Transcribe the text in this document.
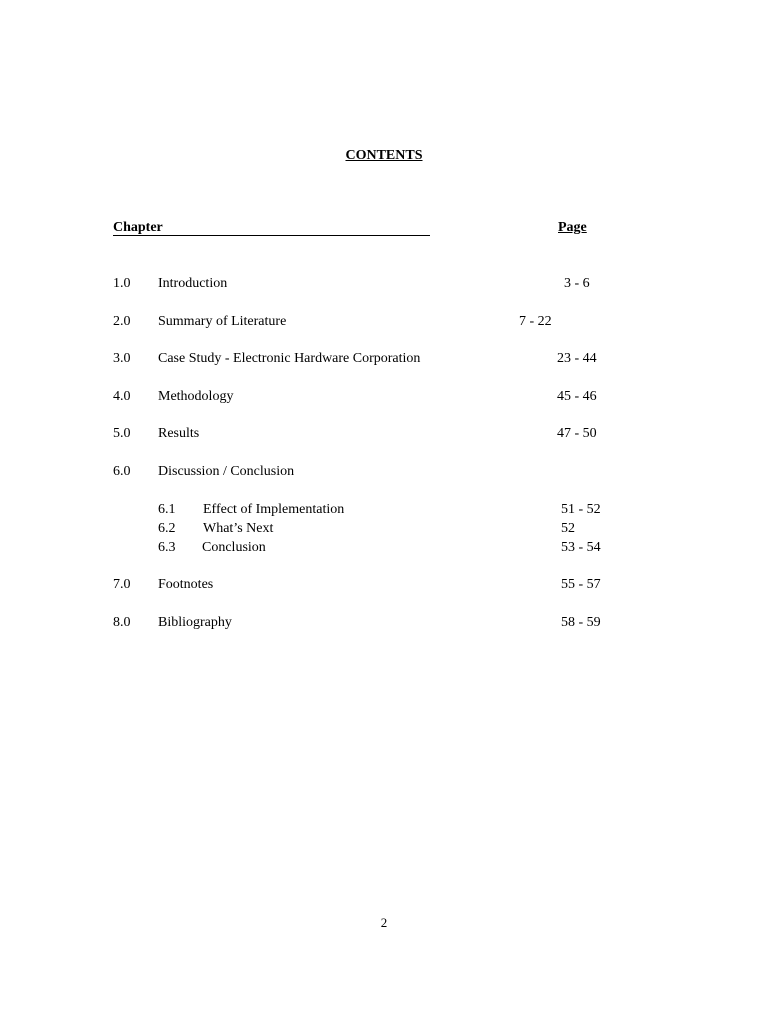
CONTENTS
Chapter	Page
1.0 Introduction	3 - 6
2.0 Summary of Literature	7 - 22
3.0 Case Study - Electronic Hardware Corporation	23 - 44
4.0 Methodology	45 - 46
5.0 Results	47 - 50
6.0 Discussion / Conclusion
6.1 Effect of Implementation	51 - 52
6.2 What’s Next	52
6.3 Conclusion	53 - 54
7.0 Footnotes	55 - 57
8.0 Bibliography	58 - 59
2
